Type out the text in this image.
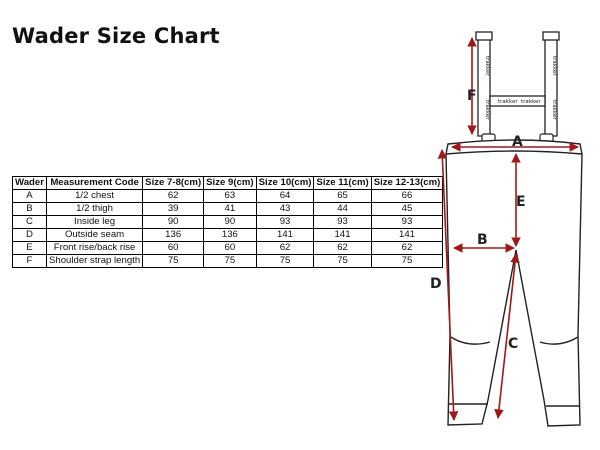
Wader Size Chart
Wader	Measurement Code	Size 7-8(cm)	Size 9(cm)	Size 10(cm)	Size 11(cm)	Size 12-13(cm)
A	1/2 chest	62	63	64	65	66
B	1/2 thigh	39	41	43	44	45
C	Inside leg	90	90	93	93	93
D	Outside seam	136	136	141	141	141
E	Front rise/back rise	60	60	62	62	62
F	Shoulder strap length	75	75	75	75	75
trakker
trakker
trakker
trakker
trakker trakker
F
A
E
B
C
D
